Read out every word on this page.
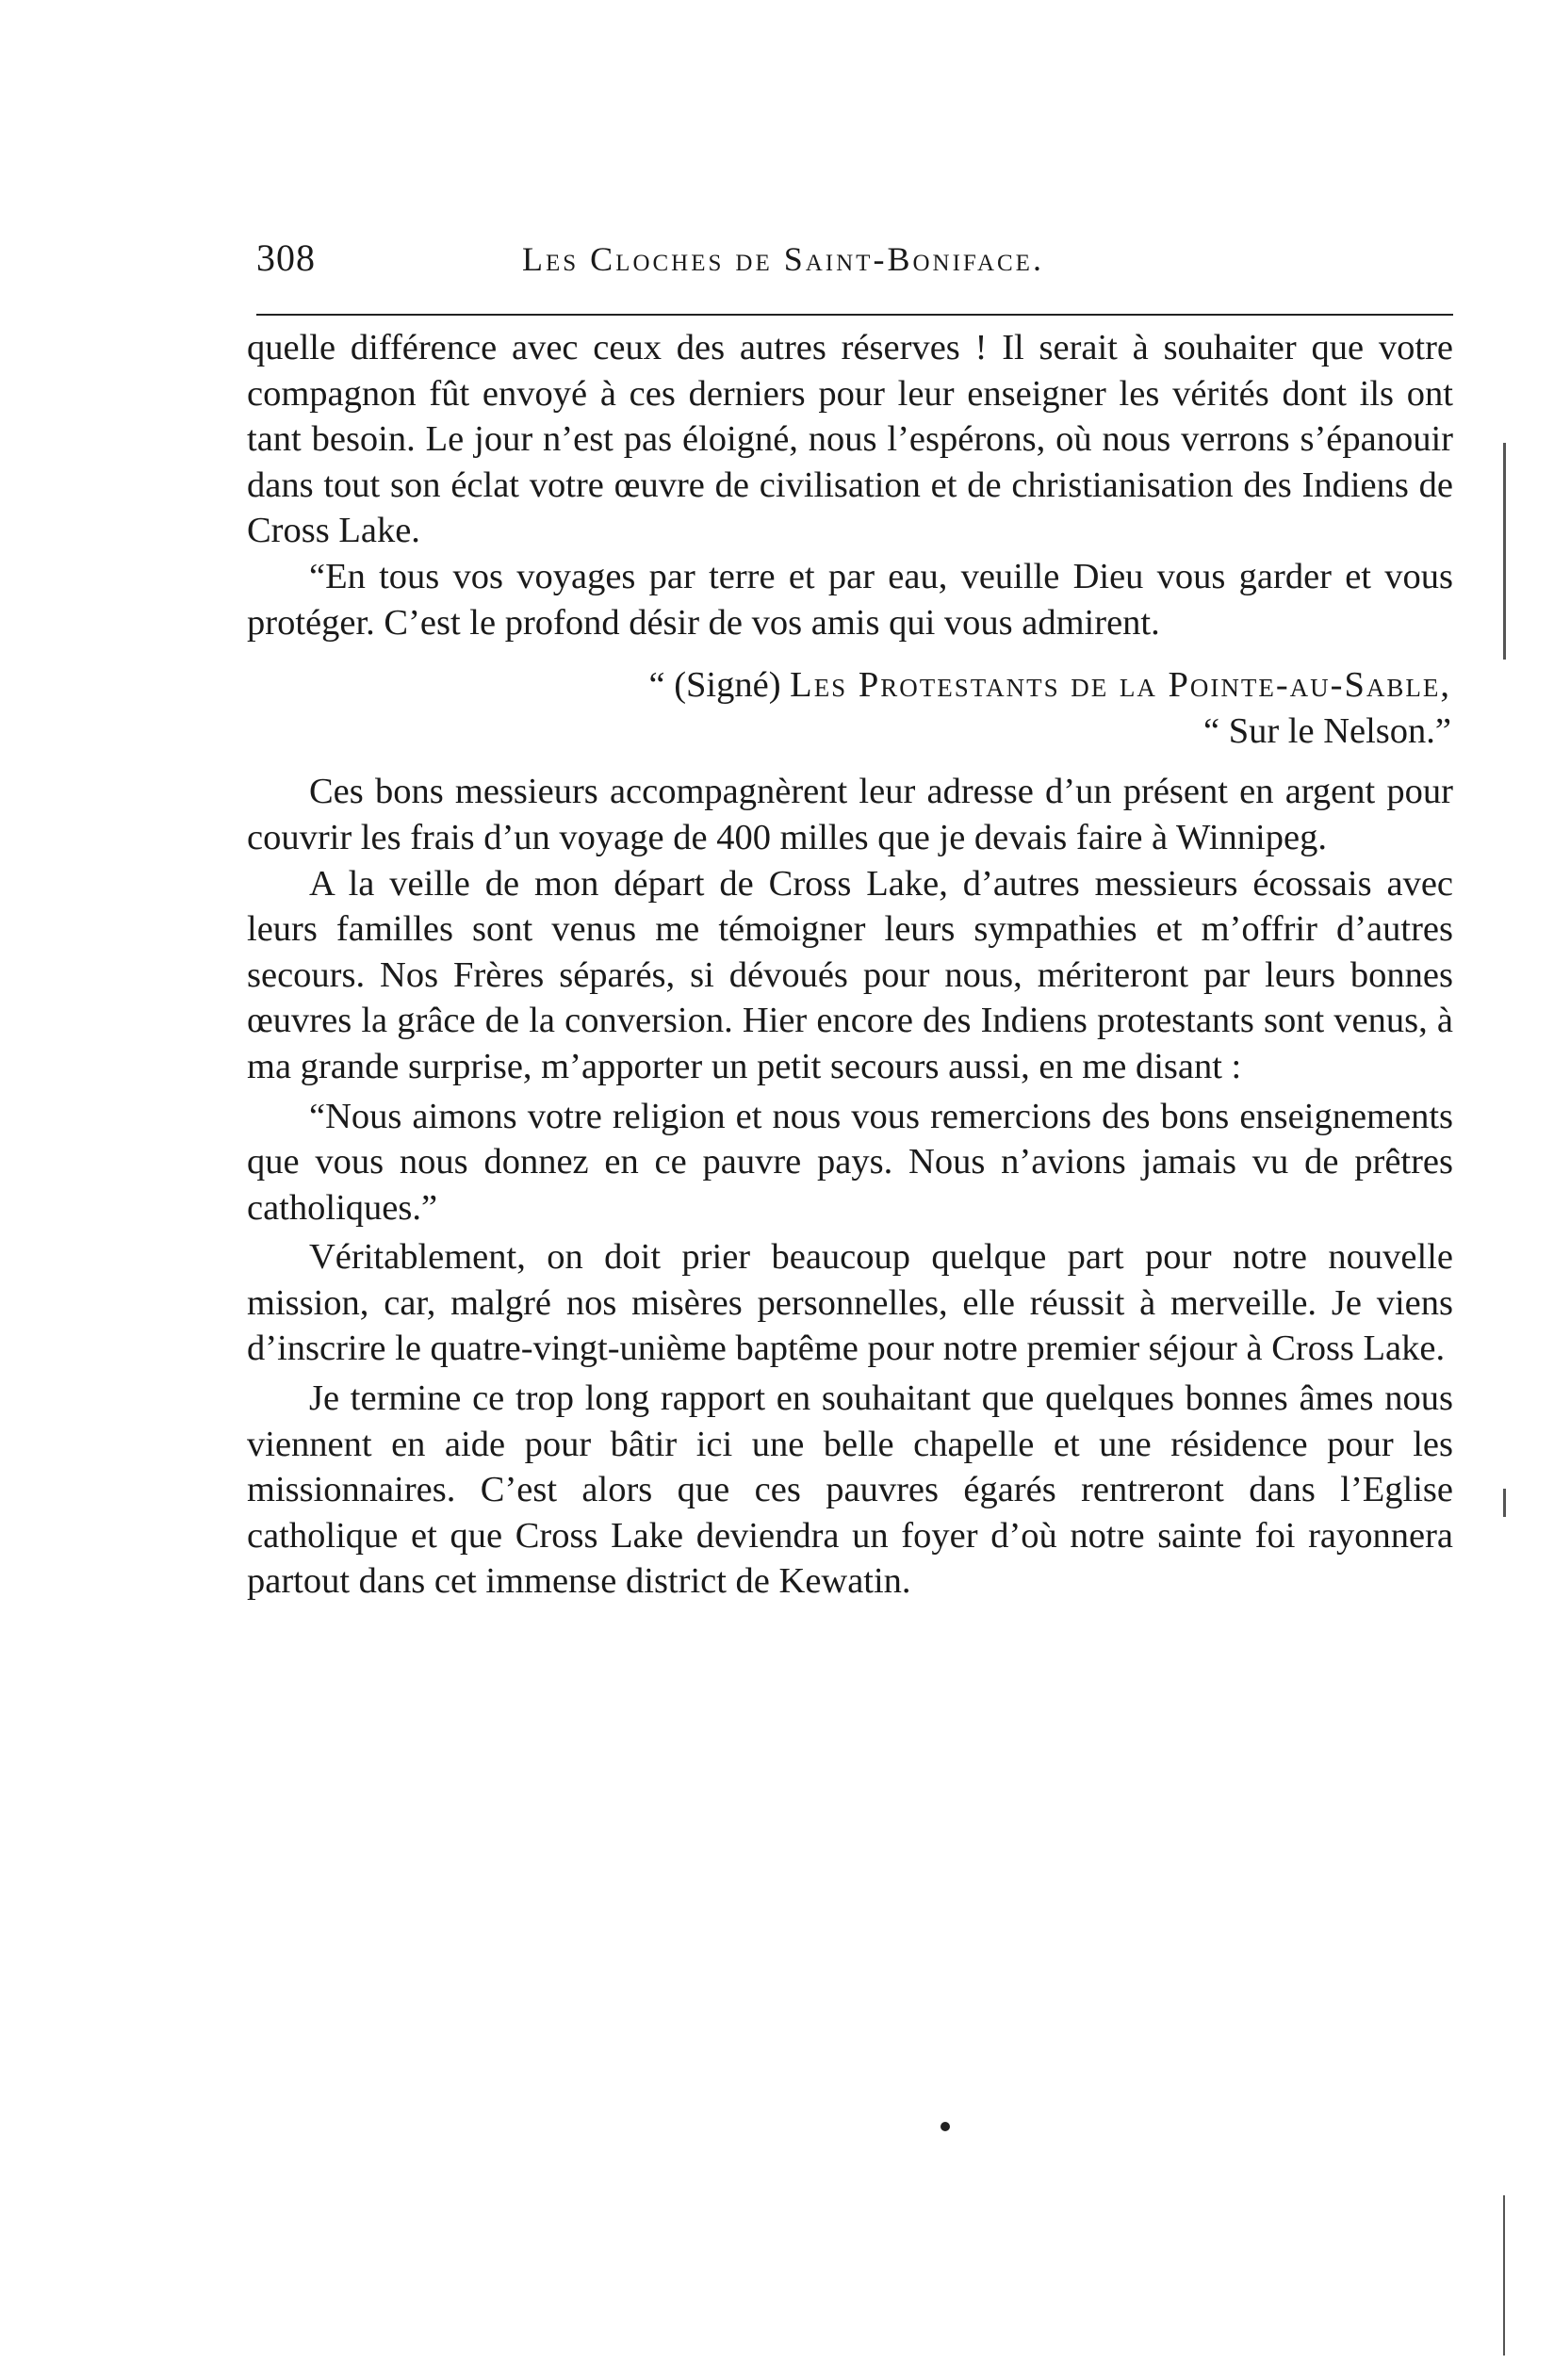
308	Les Cloches de Saint-Boniface.

quelle différence avec ceux des autres réserves ! Il serait à souhaiter que votre compagnon fût envoyé à ces derniers pour leur enseigner les vérités dont ils ont tant besoin. Le jour n’est pas éloigné, nous l’espérons, où nous verrons s’épanouir dans tout son éclat votre œuvre de civilisation et de christianisation des Indiens de Cross Lake.

“En tous vos voyages par terre et par eau, veuille Dieu vous garder et vous protéger. C’est le profond désir de vos amis qui vous admirent.

“ (Signé) Les Protestants de la Pointe-au-Sable,

“ Sur le Nelson.”

Ces bons messieurs accompagnèrent leur adresse d’un présent en argent pour couvrir les frais d’un voyage de 400 milles que je devais faire à Winnipeg.

A la veille de mon départ de Cross Lake, d’autres messieurs écossais avec leurs familles sont venus me témoigner leurs sympathies et m’offrir d’autres secours. Nos Frères séparés, si dévoués pour nous, mériteront par leurs bonnes œuvres la grâce de la conversion. Hier encore des Indiens protestants sont venus, à ma grande surprise, m’apporter un petit secours aussi, en me disant :

“Nous aimons votre religion et nous vous remercions des bons enseignements que vous nous donnez en ce pauvre pays. Nous n’avions jamais vu de prêtres catholiques.”

Véritablement, on doit prier beaucoup quelque part pour notre nouvelle mission, car, malgré nos misères personnelles, elle réussit à merveille. Je viens d’inscrire le quatre-vingt-unième baptême pour notre premier séjour à Cross Lake.

Je termine ce trop long rapport en souhaitant que quelques bonnes âmes nous viennent en aide pour bâtir ici une belle chapelle et une résidence pour les missionnaires. C’est alors que ces pauvres égarés rentreront dans l’Eglise catholique et que Cross Lake deviendra un foyer d’où notre sainte foi rayonnera partout dans cet immense district de Kewatin.
